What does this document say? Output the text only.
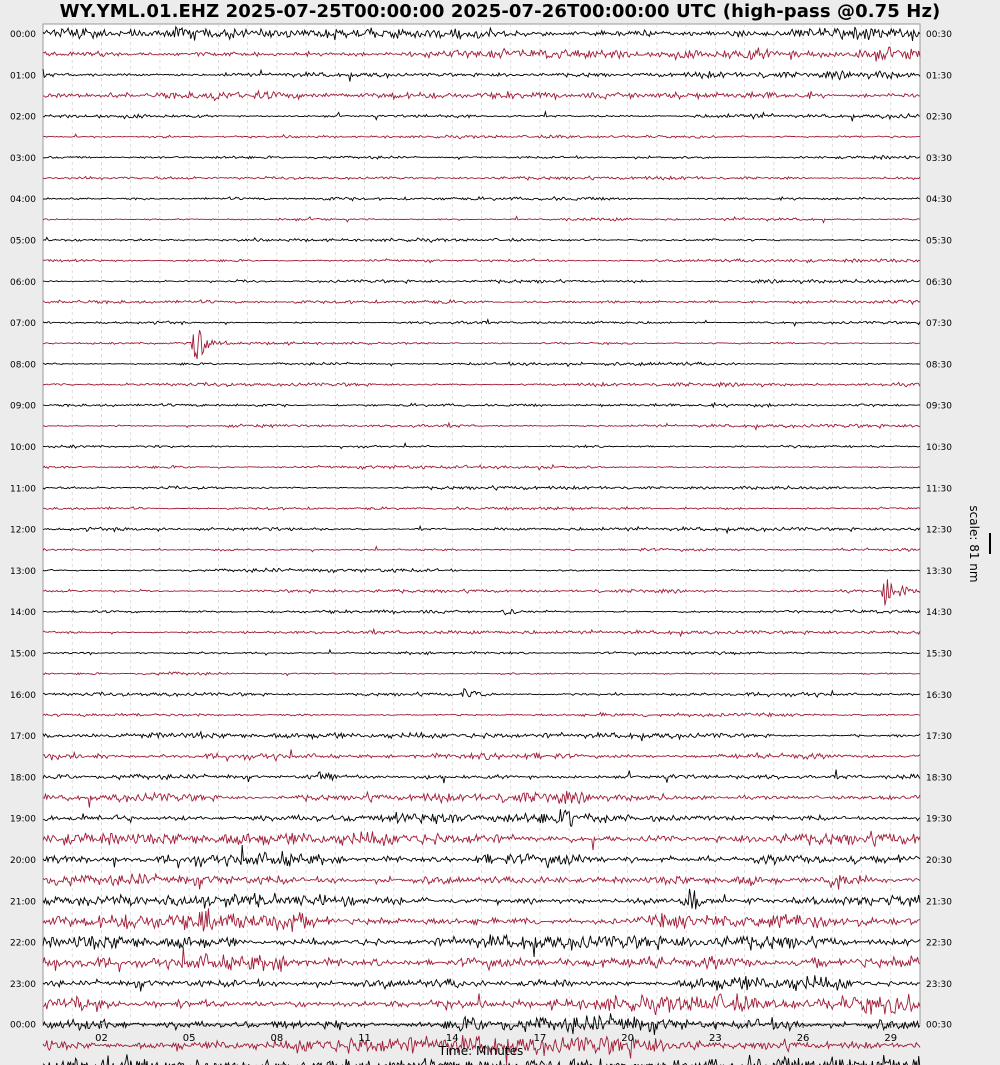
WY.YML.01.EHZ 2025-07-25T00:00:00 2025-07-26T00:00:00 UTC (high-pass @0.75 Hz)
00:00
01:00
02:00
03:00
04:00
05:00
06:00
07:00
08:00
09:00
10:00
11:00
12:00
13:00
14:00
15:00
16:00
17:00
18:00
19:00
20:00
21:00
22:00
23:00
00:00
00:30
01:30
02:30
03:30
04:30
05:30
06:30
07:30
08:30
09:30
10:30
11:30
12:30
13:30
14:30
15:30
16:30
17:30
18:30
19:30
20:30
21:30
22:30
23:30
00:30
02	05	08	11	14	17	20	23	26	29
Time: Minutes
scale: 81 nm
